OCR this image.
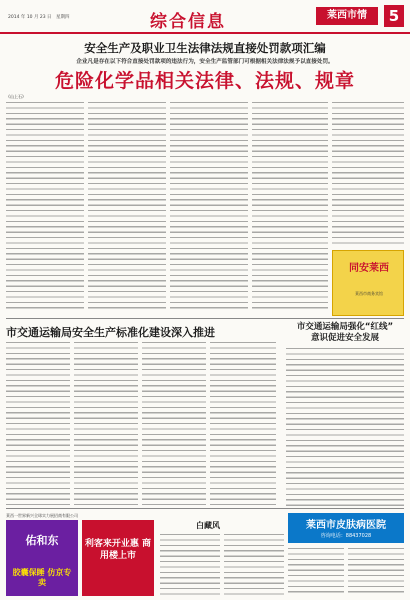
2014 年 10 月 23 日　星期四	综合信息	莱西市情	5
安全生产及职业卫生法律法规直接处罚款项汇编
企业凡是存在以下符合直接处罚款项的违法行为，安全生产监管部门可根据相关法律法规予以直接处罚。
危险化学品相关法律、法规、规章
《山上石》
同安莱西
莱西市商务宾馆
市交通运输局安全生产标准化建设深入推进	市交通运输局强化“红线”
意识促进安全发展
莱西一世界新兴全球实力展招商有限公司
佑和东
胶囊保睡 仿京专卖
利客来开业惠 商用楼上市
白藏风	莱西市皮肤病医院
咨询电话：88437028
